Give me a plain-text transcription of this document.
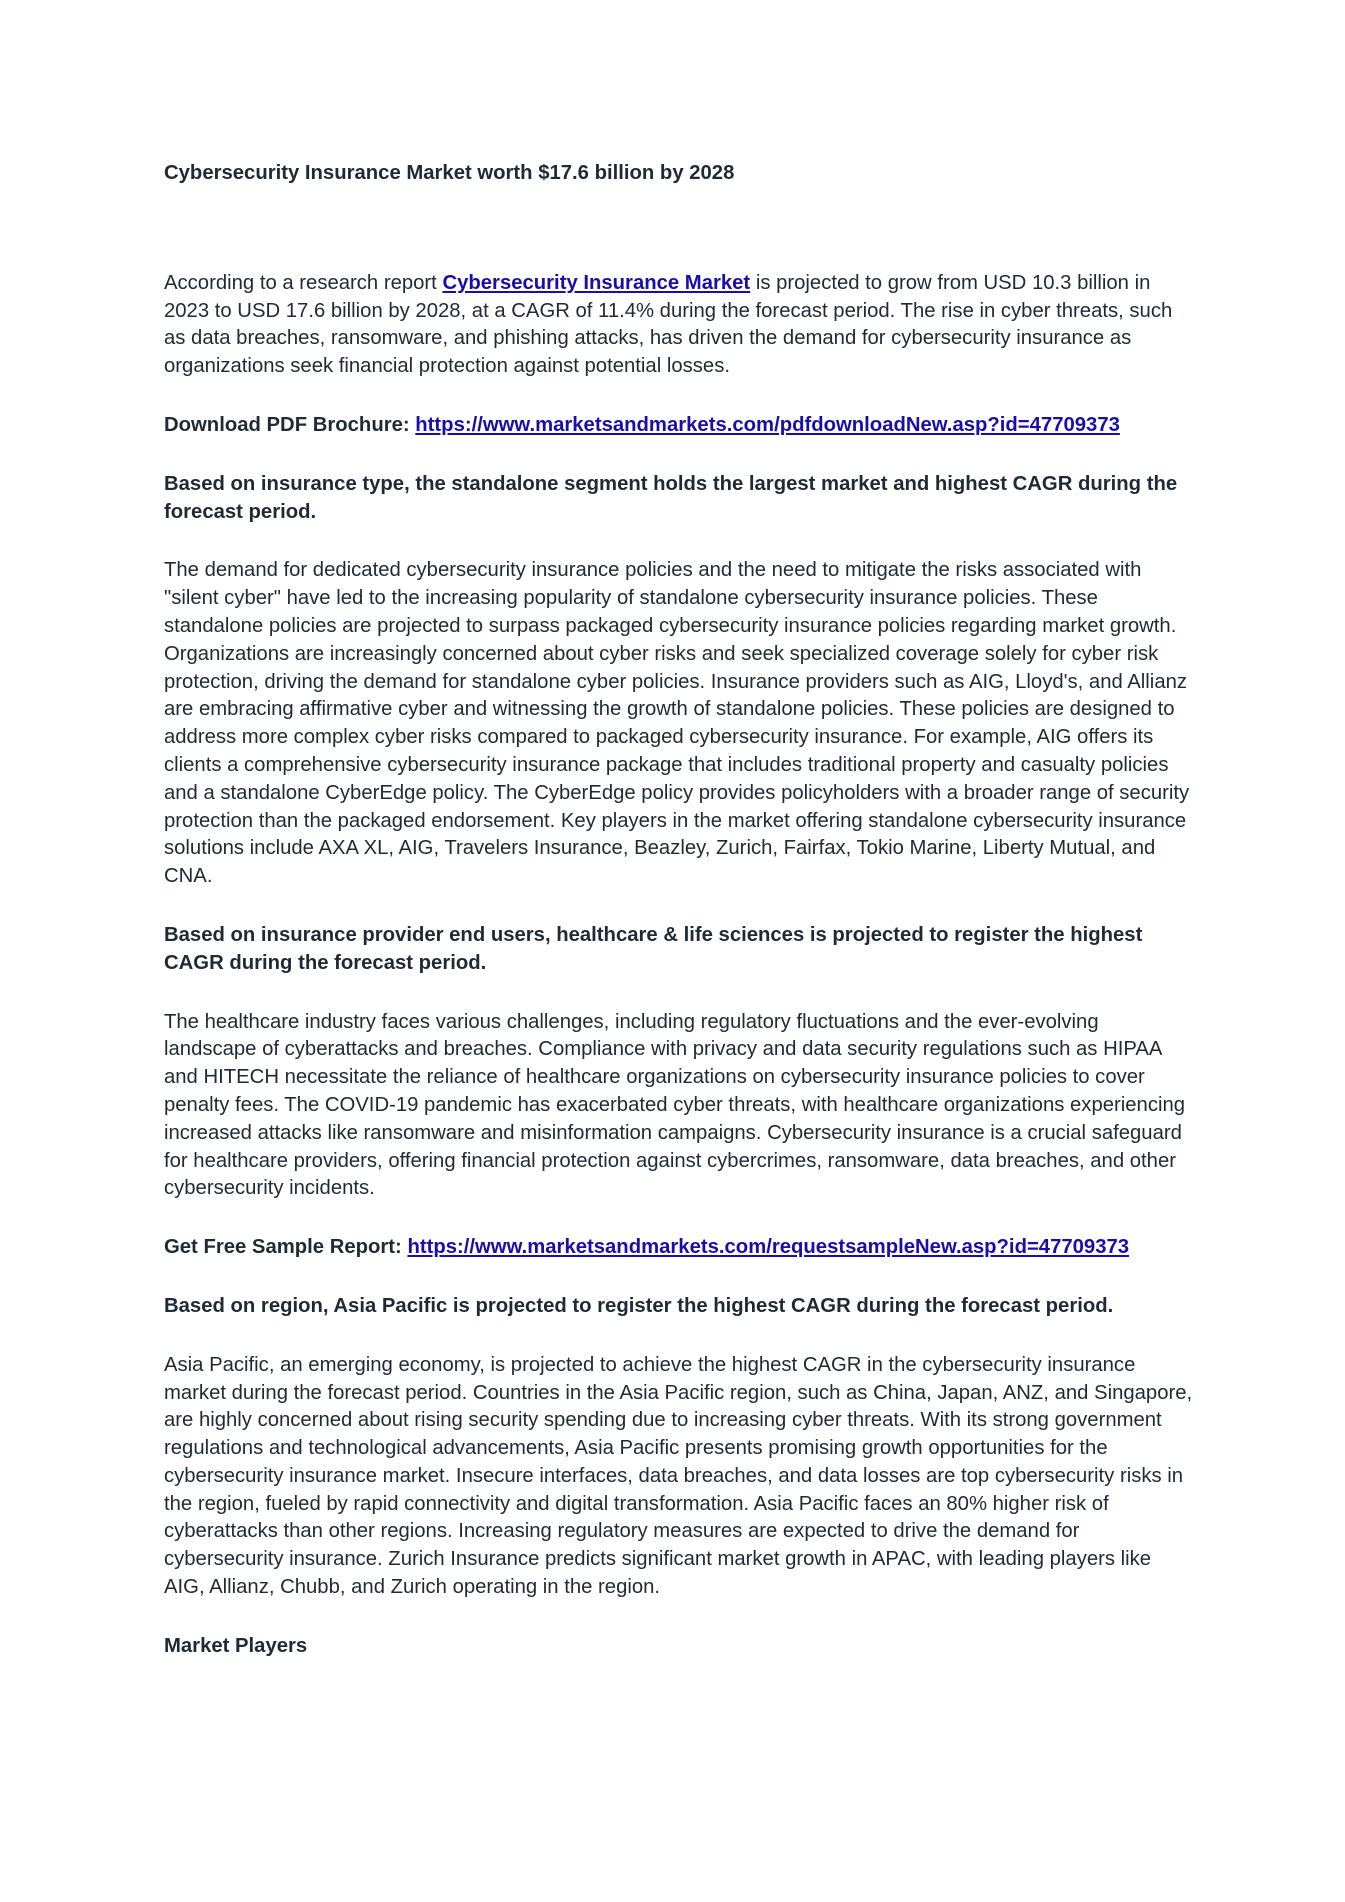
Cybersecurity Insurance Market worth $17.6 billion by 2028

According to a research report Cybersecurity Insurance Market is projected to grow from USD 10.3 billion in 2023 to USD 17.6 billion by 2028, at a CAGR of 11.4% during the forecast period. The rise in cyber threats, such as data breaches, ransomware, and phishing attacks, has driven the demand for cybersecurity insurance as organizations seek financial protection against potential losses.

Download PDF Brochure: https://www.marketsandmarkets.com/pdfdownloadNew.asp?id=47709373

Based on insurance type, the standalone segment holds the largest market and highest CAGR during the forecast period.

The demand for dedicated cybersecurity insurance policies and the need to mitigate the risks associated with "silent cyber" have led to the increasing popularity of standalone cybersecurity insurance policies. These standalone policies are projected to surpass packaged cybersecurity insurance policies regarding market growth. Organizations are increasingly concerned about cyber risks and seek specialized coverage solely for cyber risk protection, driving the demand for standalone cyber policies. Insurance providers such as AIG, Lloyd's, and Allianz are embracing affirmative cyber and witnessing the growth of standalone policies. These policies are designed to address more complex cyber risks compared to packaged cybersecurity insurance. For example, AIG offers its clients a comprehensive cybersecurity insurance package that includes traditional property and casualty policies and a standalone CyberEdge policy. The CyberEdge policy provides policyholders with a broader range of security protection than the packaged endorsement. Key players in the market offering standalone cybersecurity insurance solutions include AXA XL, AIG, Travelers Insurance, Beazley, Zurich, Fairfax, Tokio Marine, Liberty Mutual, and CNA.

Based on insurance provider end users, healthcare & life sciences is projected to register the highest CAGR during the forecast period.

The healthcare industry faces various challenges, including regulatory fluctuations and the ever-evolving landscape of cyberattacks and breaches. Compliance with privacy and data security regulations such as HIPAA and HITECH necessitate the reliance of healthcare organizations on cybersecurity insurance policies to cover penalty fees. The COVID-19 pandemic has exacerbated cyber threats, with healthcare organizations experiencing increased attacks like ransomware and misinformation campaigns. Cybersecurity insurance is a crucial safeguard for healthcare providers, offering financial protection against cybercrimes, ransomware, data breaches, and other cybersecurity incidents.

Get Free Sample Report: https://www.marketsandmarkets.com/requestsampleNew.asp?id=47709373

Based on region, Asia Pacific is projected to register the highest CAGR during the forecast period.

Asia Pacific, an emerging economy, is projected to achieve the highest CAGR in the cybersecurity insurance market during the forecast period. Countries in the Asia Pacific region, such as China, Japan, ANZ, and Singapore, are highly concerned about rising security spending due to increasing cyber threats. With its strong government regulations and technological advancements, Asia Pacific presents promising growth opportunities for the cybersecurity insurance market. Insecure interfaces, data breaches, and data losses are top cybersecurity risks in the region, fueled by rapid connectivity and digital transformation. Asia Pacific faces an 80% higher risk of cyberattacks than other regions. Increasing regulatory measures are expected to drive the demand for cybersecurity insurance. Zurich Insurance predicts significant market growth in APAC, with leading players like AIG, Allianz, Chubb, and Zurich operating in the region.

Market Players
